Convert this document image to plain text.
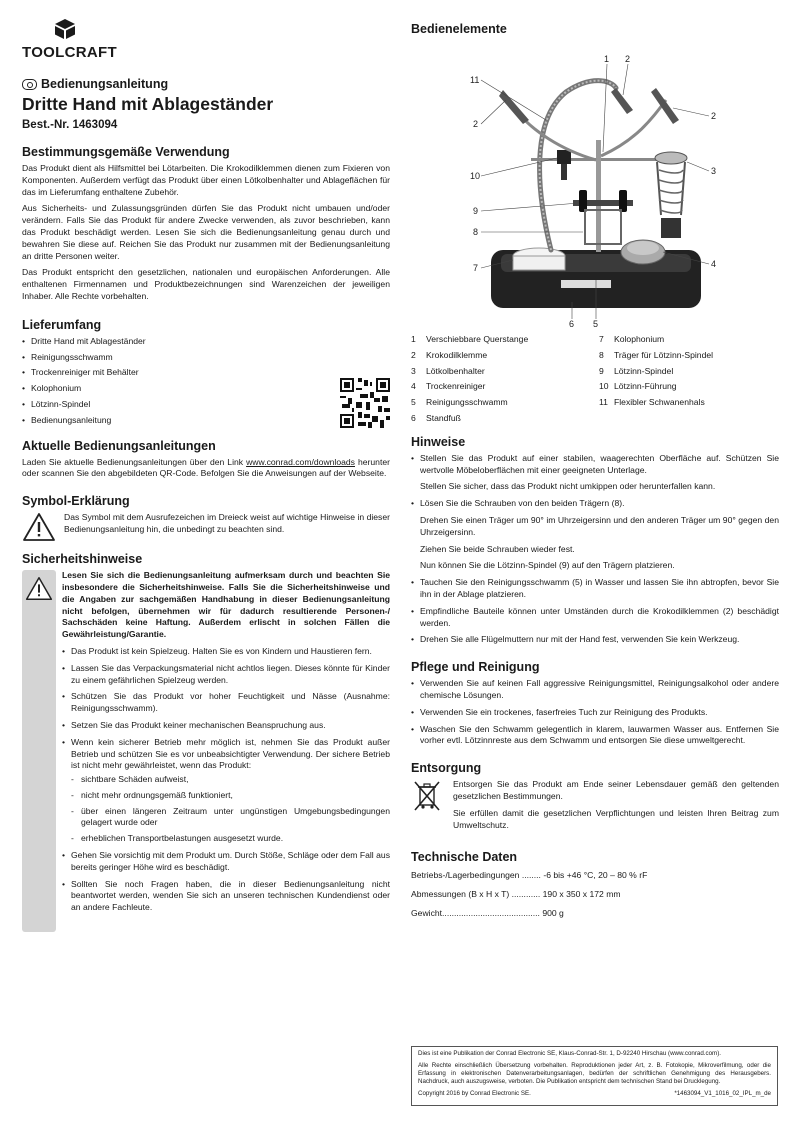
TOOLCRAFT
Bedienungsanleitung
Dritte Hand mit Ablageständer
Best.-Nr. 1463094
Bestimmungsgemäße Verwendung

Das Produkt dient als Hilfsmittel bei Lötarbeiten. Die Krokodilklemmen dienen zum Fixieren von Komponenten. Außerdem verfügt das Produkt über einen Lötkolbenhalter und Ablageflächen für das im Lieferumfang enthaltene Zubehör.

Aus Sicherheits- und Zulassungsgründen dürfen Sie das Produkt nicht umbauen und/oder verändern. Falls Sie das Produkt für andere Zwecke verwenden, als zuvor beschrieben, kann das Produkt beschädigt werden. Lesen Sie sich die Bedienungsanleitung genau durch und bewahren Sie diese auf. Reichen Sie das Produkt nur zusammen mit der Bedienungsanleitung an dritte Personen weiter.

Das Produkt entspricht den gesetzlichen, nationalen und europäischen Anforderungen. Alle enthaltenen Firmennamen und Produktbezeichnungen sind Warenzeichen der jeweiligen Inhaber. Alle Rechte vorbehalten.

Lieferumfang
• Dritte Hand mit Ablageständer
• Reinigungsschwamm
• Trockenreiniger mit Behälter
• Kolophonium
• Lötzinn-Spindel
• Bedienungsanleitung
Aktuelle Bedienungsanleitungen

Laden Sie aktuelle Bedienungsanleitungen über den Link www.conrad.com/downloads herunter oder scannen Sie den abgebildeten QR-Code. Befolgen Sie die Anweisungen auf der Webseite.

Symbol-Erklärung

Das Symbol mit dem Ausrufezeichen im Dreieck weist auf wichtige Hinweise in dieser Bedienungsanleitung hin, die unbedingt zu beachten sind.

Sicherheitshinweise

Lesen Sie sich die Bedienungsanleitung aufmerksam durch und beachten Sie insbesondere die Sicherheitshinweise. Falls Sie die Sicherheitshinweise und die Angaben zur sachgemäßen Handhabung in dieser Bedienungsanleitung nicht befolgen, übernehmen wir für dadurch resultierende Personen-/ Sachschäden keine Haftung. Außerdem erlischt in solchen Fällen die Gewährleistung/Garantie.

• Das Produkt ist kein Spielzeug. Halten Sie es von Kindern und Haustieren fern.
• Lassen Sie das Verpackungsmaterial nicht achtlos liegen. Dieses könnte für Kinder zu einem gefährlichen Spielzeug werden.
• Schützen Sie das Produkt vor hoher Feuchtigkeit und Nässe (Ausnahme: Reinigungsschwamm).
• Setzen Sie das Produkt keiner mechanischen Beanspruchung aus.
• Wenn kein sicherer Betrieb mehr möglich ist, nehmen Sie das Produkt außer Betrieb und schützen Sie es vor unbeabsichtigter Verwendung. Der sichere Betrieb ist nicht mehr gewährleistet, wenn das Produkt:
- sichtbare Schäden aufweist,
- nicht mehr ordnungsgemäß funktioniert,
- über einen längeren Zeitraum unter ungünstigen Umgebungsbedingungen gelagert wurde oder
- erheblichen Transportbelastungen ausgesetzt wurde.
• Gehen Sie vorsichtig mit dem Produkt um. Durch Stöße, Schläge oder dem Fall aus bereits geringer Höhe wird es beschädigt.
• Sollten Sie noch Fragen haben, die in dieser Bedienungsanleitung nicht beantwortet werden, wenden Sie sich an unseren technischen Kundendienst oder an andere Fachleute.
Bedienelemente
1 2
2
2
3
4
5
6
7
8
9
10
11
1	Verschiebbare Querstange	7	Kolophonium
2	Krokodilklemme	8	Träger für Lötzinn-Spindel
3	Lötkolbenhalter	9	Lötzinn-Spindel
4	Trockenreiniger	10 Lötzinn-Führung
5	Reinigungsschwamm	11 Flexibler Schwanenhals
6	Standfuß
Hinweise
• Stellen Sie das Produkt auf einer stabilen, waagerechten Oberfläche auf. Schützen Sie wertvolle Möbeloberflächen mit einer geeigneten Unterlage.
Stellen Sie sicher, dass das Produkt nicht umkippen oder herunterfallen kann.
• Lösen Sie die Schrauben von den beiden Trägern (8).
Drehen Sie einen Träger um 90° im Uhrzeigersinn und den anderen Träger um 90° gegen den Uhrzeigersinn.
Ziehen Sie beide Schrauben wieder fest.
Nun können Sie die Lötzinn-Spindel (9) auf den Trägern platzieren.
• Tauchen Sie den Reinigungsschwamm (5) in Wasser und lassen Sie ihn abtropfen, bevor Sie ihn in der Ablage platzieren.
• Empfindliche Bauteile können unter Umständen durch die Krokodilklemmen (2) beschädigt werden.
• Drehen Sie alle Flügelmuttern nur mit der Hand fest, verwenden Sie kein Werkzeug.
Pflege und Reinigung
• Verwenden Sie auf keinen Fall aggressive Reinigungsmittel, Reinigungsalkohol oder andere chemische Lösungen.
• Verwenden Sie ein trockenes, faserfreies Tuch zur Reinigung des Produkts.
• Waschen Sie den Schwamm gelegentlich in klarem, lauwarmen Wasser aus. Entfernen Sie vorher evtl. Lötzinnreste aus dem Schwamm und entsorgen Sie diese umweltgerecht.
Entsorgung

Entsorgen Sie das Produkt am Ende seiner Lebensdauer gemäß den geltenden gesetzlichen Bestimmungen.

Sie erfüllen damit die gesetzlichen Verpflichtungen und leisten Ihren Beitrag zum Umweltschutz.

Technische Daten
Betriebs-/Lagerbedingungen ........ -6 bis +46 °C, 20 – 80 % rF
Abmessungen (B x H x T) ............ 190 x 350 x 172 mm
Gewicht......................................... 900 g

Dies ist eine Publikation der Conrad Electronic SE, Klaus-Conrad-Str. 1, D-92240 Hirschau (www.conrad.com).

Alle Rechte einschließlich Übersetzung vorbehalten. Reproduktionen jeder Art, z. B. Fotokopie, Mikroverfilmung, oder die Erfassung in elektronischen Datenverarbeitungsanlagen, bedürfen der schriftlichen Genehmigung des Herausgebers. Nachdruck, auch auszugsweise, verboten. Die Publikation entspricht dem technischen Stand bei Drucklegung.

Copyright 2016 by Conrad Electronic SE.	*1463094_V1_1016_02_IPL_m_de
